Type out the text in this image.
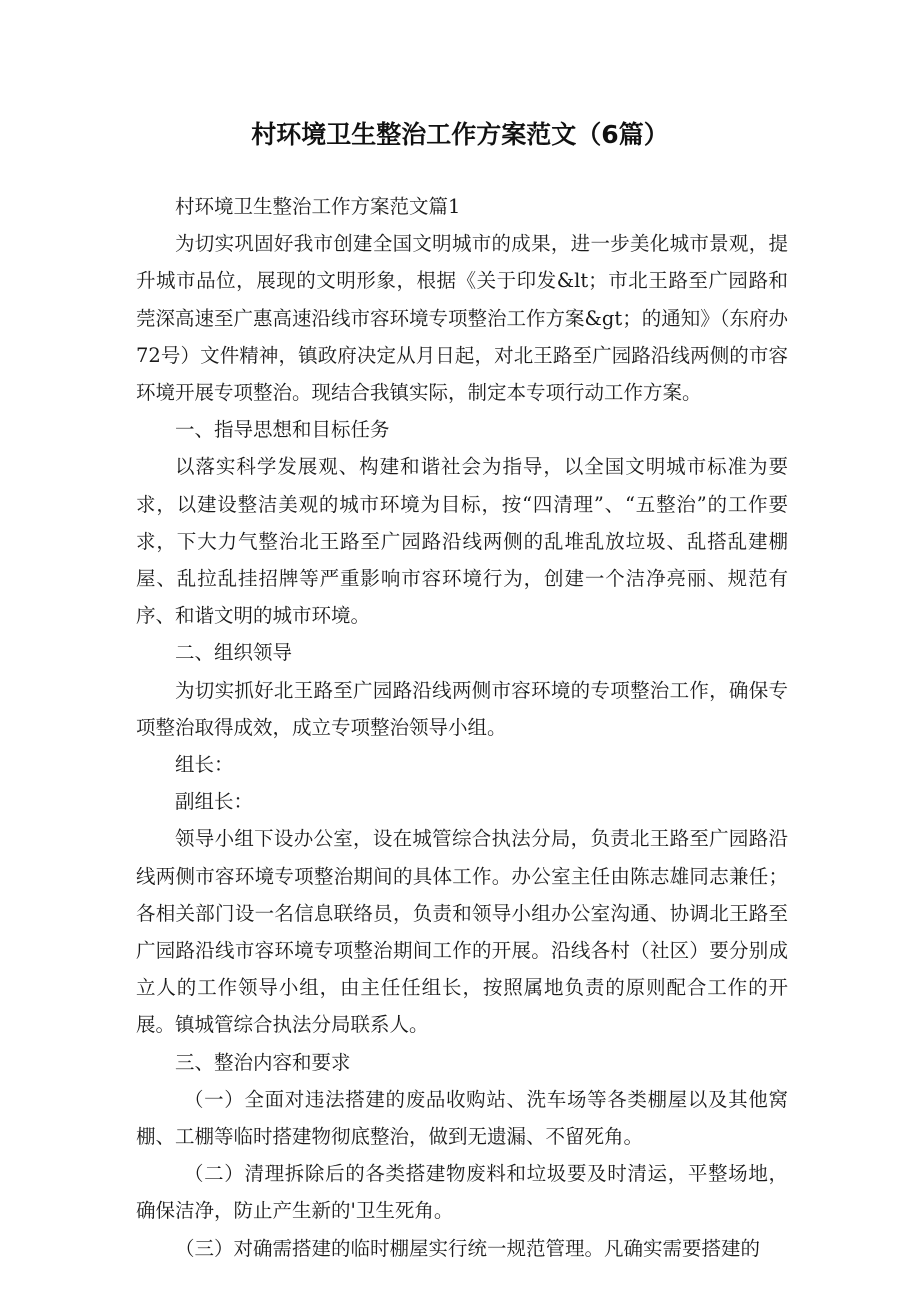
村环境卫生整治工作方案范文（6篇）

村环境卫生整治工作方案范文篇1

为切实巩固好我市创建全国文明城市的成果，进一步美化城市景观，提升城市品位，展现的文明形象，根据《关于印发&lt；市北王路至广园路和莞深高速至广惠高速沿线市容环境专项整治工作方案&gt；的通知》（东府办72号）文件精神，镇政府决定从月日起，对北王路至广园路沿线两侧的市容环境开展专项整治。现结合我镇实际，制定本专项行动工作方案。

一、指导思想和目标任务

以落实科学发展观、构建和谐社会为指导，以全国文明城市标准为要求，以建设整洁美观的城市环境为目标，按“四清理”、“五整治”的工作要求，下大力气整治北王路至广园路沿线两侧的乱堆乱放垃圾、乱搭乱建棚屋、乱拉乱挂招牌等严重影响市容环境行为，创建一个洁净亮丽、规范有序、和谐文明的城市环境。

二、组织领导

为切实抓好北王路至广园路沿线两侧市容环境的专项整治工作，确保专项整治取得成效，成立专项整治领导小组。

组长：

副组长：

领导小组下设办公室，设在城管综合执法分局，负责北王路至广园路沿线两侧市容环境专项整治期间的具体工作。办公室主任由陈志雄同志兼任；各相关部门设一名信息联络员，负责和领导小组办公室沟通、协调北王路至广园路沿线市容环境专项整治期间工作的开展。沿线各村（社区）要分别成立人的工作领导小组，由主任任组长，按照属地负责的原则配合工作的开展。镇城管综合执法分局联系人。

三、整治内容和要求

（一）全面对违法搭建的废品收购站、洗车场等各类棚屋以及其他窝棚、工棚等临时搭建物彻底整治，做到无遗漏、不留死角。

（二）清理拆除后的各类搭建物废料和垃圾要及时清运，平整场地，确保洁净，防止产生新的'卫生死角。

（三）对确需搭建的临时棚屋实行统一规范管理。凡确实需要搭建的
